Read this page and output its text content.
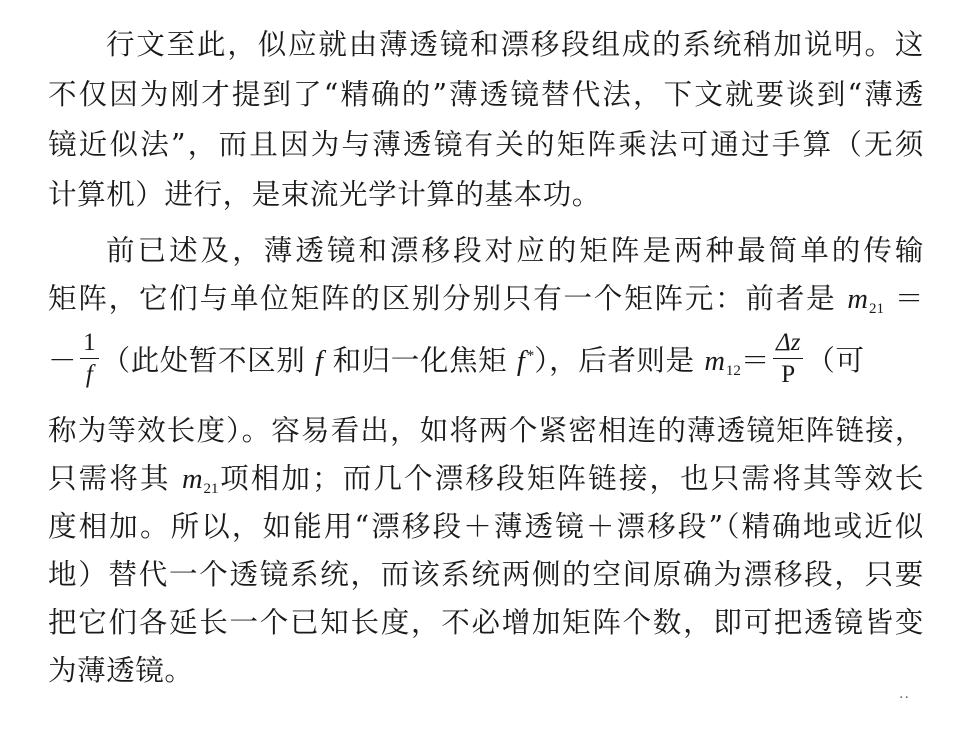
行文至此，似应就由薄透镜和漂移段组成的系统稍加说明。这
不仅因为刚才提到了“精确的”薄透镜替代法，下文就要谈到“薄透
镜近似法”，而且因为与薄透镜有关的矩阵乘法可通过手算（无须
计算机）进行，是束流光学计算的基本功。
前已述及，薄透镜和漂移段对应的矩阵是两种最简单的传输
矩阵，它们与单位矩阵的区别分别只有一个矩阵元：前者是 $m_{21}$ ＝
－ $\frac{1}{f}$ （此处暂不区别 f 和归一化焦矩 f *），后者则是 $m_{12}= \frac{\Delta z}{P}$ （可
称为等效长度）。容易看出，如将两个紧密相连的薄透镜矩阵链接，
只需将其 $m_{21}$项相加；而几个漂移段矩阵链接，也只需将其等效长
度相加。所以，如能用“漂移段＋薄透镜＋漂移段”（精确地或近似
地）替代一个透镜系统，而该系统两侧的空间原确为漂移段，只要
把它们各延长一个已知长度，不必增加矩阵个数，即可把透镜皆变
为薄透镜。
··
